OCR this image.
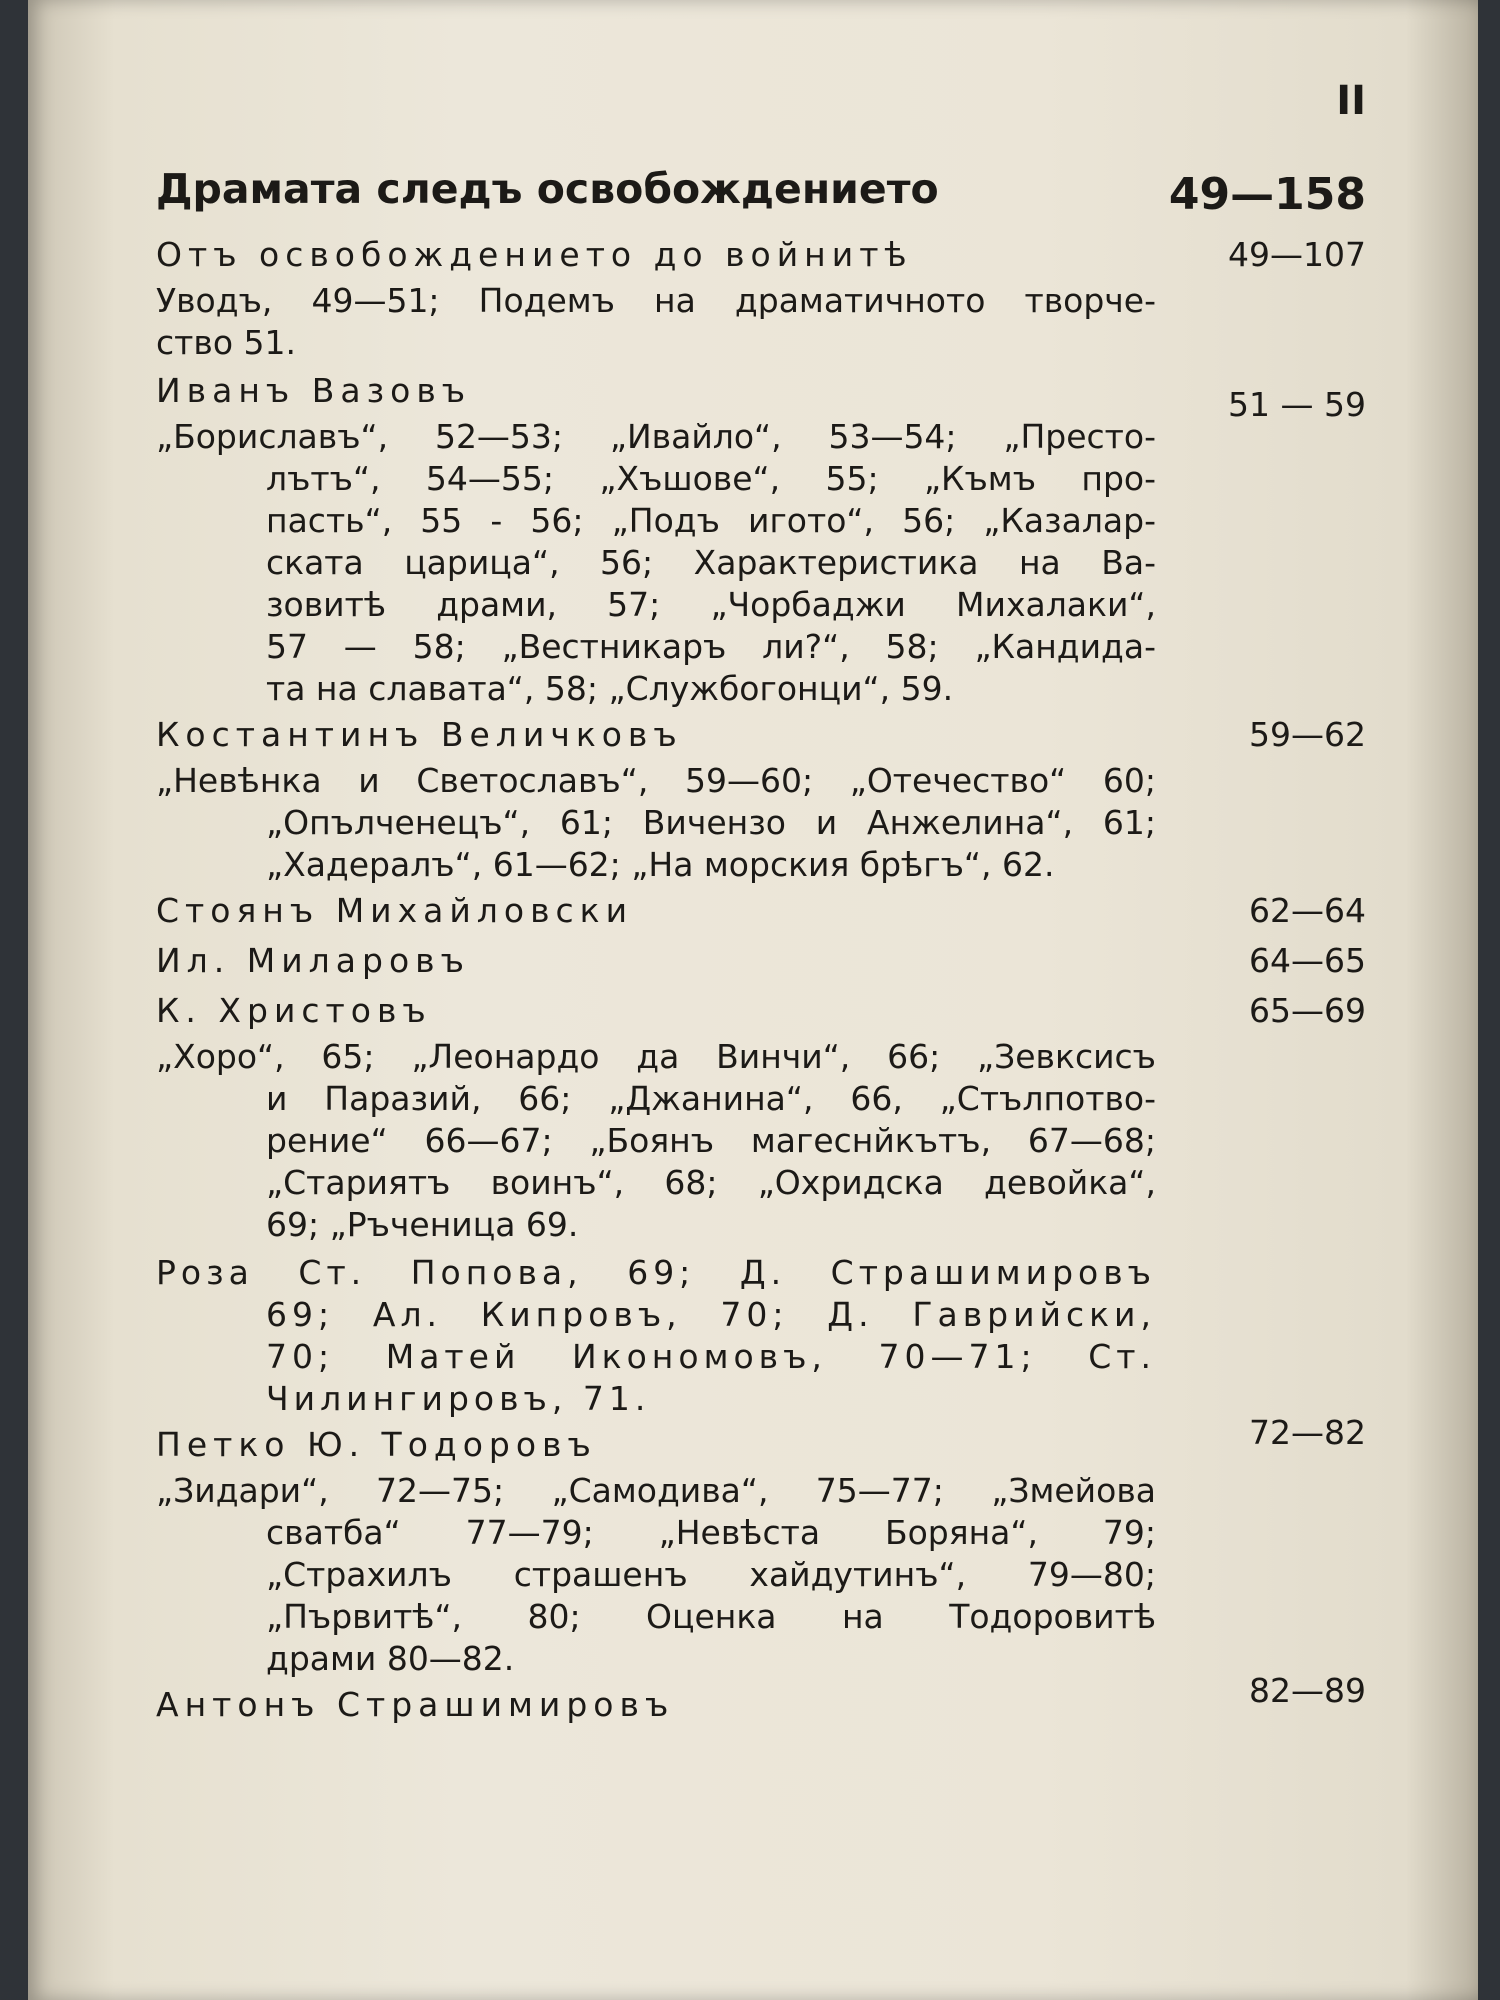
II
Драмата следъ освобождението	49—158
Отъ освобождението до войнитѣ	49—107
Уводъ, 49—51; Подемъ на драматичното творче-
ство 51.
Иванъ Вазовъ	51 — 59
„Бориславъ“, 52—53; „Ивайло“, 53—54; „Престо-
лътъ“, 54—55; „Хъшове“, 55; „Къмъ про-
пасть“, 55 - 56; „Подъ игото“, 56; „Казалар-
ската царица“, 56; Характеристика на Ва-
зовитѣ драми, 57; „Чорбаджи Михалаки“,
57 — 58; „Вестникаръ ли?“, 58; „Кандида-
та на славата“, 58; „Службогонци“, 59.
Костантинъ Величковъ	59—62
„Невѣнка и Светославъ“, 59—60; „Отечество“ 60;
„Опълченецъ“, 61; Вичензо и Анжелина“, 61;
„Хадералъ“, 61—62; „На морския брѣгъ“, 62.
Стоянъ Михайловски	62—64
Ил. Миларовъ	64—65
К. Христовъ	65—69
„Хоро“, 65; „Леонардо да Винчи“, 66; „Зевксисъ
и Паразий, 66; „Джанина“, 66, „Стълпотво-
рение“ 66—67; „Боянъ магеснйкътъ, 67—68;
„Стариятъ воинъ“, 68; „Охридска девойка“,
69; „Ръченица 69.
Роза Ст. Попова, 69; Д. Страшимировъ
69; Ал. Кипровъ, 70; Д. Гаврийски,
70; Матей Икономовъ, 70—71; Ст.
Чилингировъ, 71.
Петко Ю. Тодоровъ	72—82
„Зидари“, 72—75; „Самодива“, 75—77; „Змейова
сватба“ 77—79; „Невѣста Боряна“, 79;
„Страхилъ страшенъ хайдутинъ“, 79—80;
„Първитѣ“, 80; Оценка на Тодоровитѣ
драми 80—82.
Антонъ Страшимировъ	82—89
